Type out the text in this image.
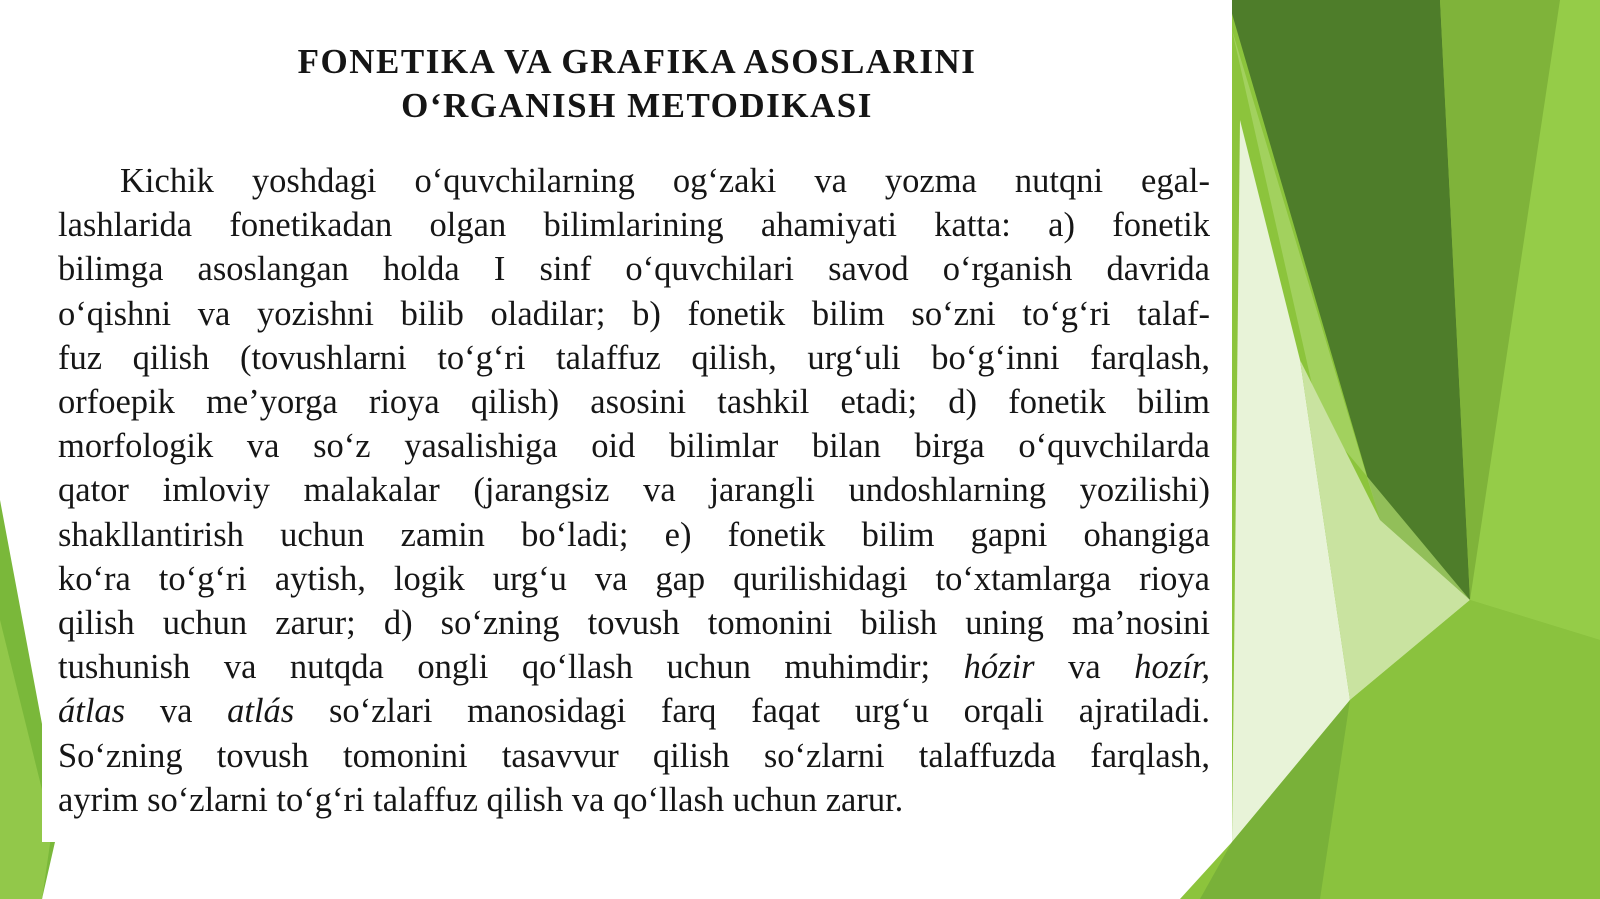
FONETIKA VA GRAFIKA ASOSLARINI
O‘RGANISH METODIKASI
Kichik yoshdagi o‘quvchilarning og‘zaki va yozma nutqni egal-
lashlarida fonetikadan olgan bilimlarining ahamiyati katta: a) fonetik
bilimga asoslangan holda I sinf o‘quvchilari savod o‘rganish davrida
o‘qishni va yozishni bilib oladilar; b) fonetik bilim so‘zni to‘g‘ri talaf-
fuz qilish (tovushlarni to‘g‘ri talaffuz qilish, urg‘uli bo‘g‘inni farqlash,
orfoepik me’yorga rioya qilish) asosini tashkil etadi; d) fonetik bilim
morfologik va so‘z yasalishiga oid bilimlar bilan birga o‘quvchilarda
qator imloviy malakalar (jarangsiz va jarangli undoshlarning yozilishi)
shakllantirish uchun zamin bo‘ladi; e) fonetik bilim gapni ohangiga
ko‘ra to‘g‘ri aytish, logik urg‘u va gap qurilishidagi to‘xtamlarga rioya
qilish uchun zarur; d) so‘zning tovush tomonini bilish uning ma’nosini
tushunish va nutqda ongli qo‘llash uchun muhimdir; hózir va hozír,
átlas va atlás so‘zlari manosidagi farq faqat urg‘u orqali ajratiladi.
So‘zning tovush tomonini tasavvur qilish so‘zlarni talaffuzda farqlash,
ayrim so‘zlarni to‘g‘ri talaffuz qilish va qo‘llash uchun zarur.
